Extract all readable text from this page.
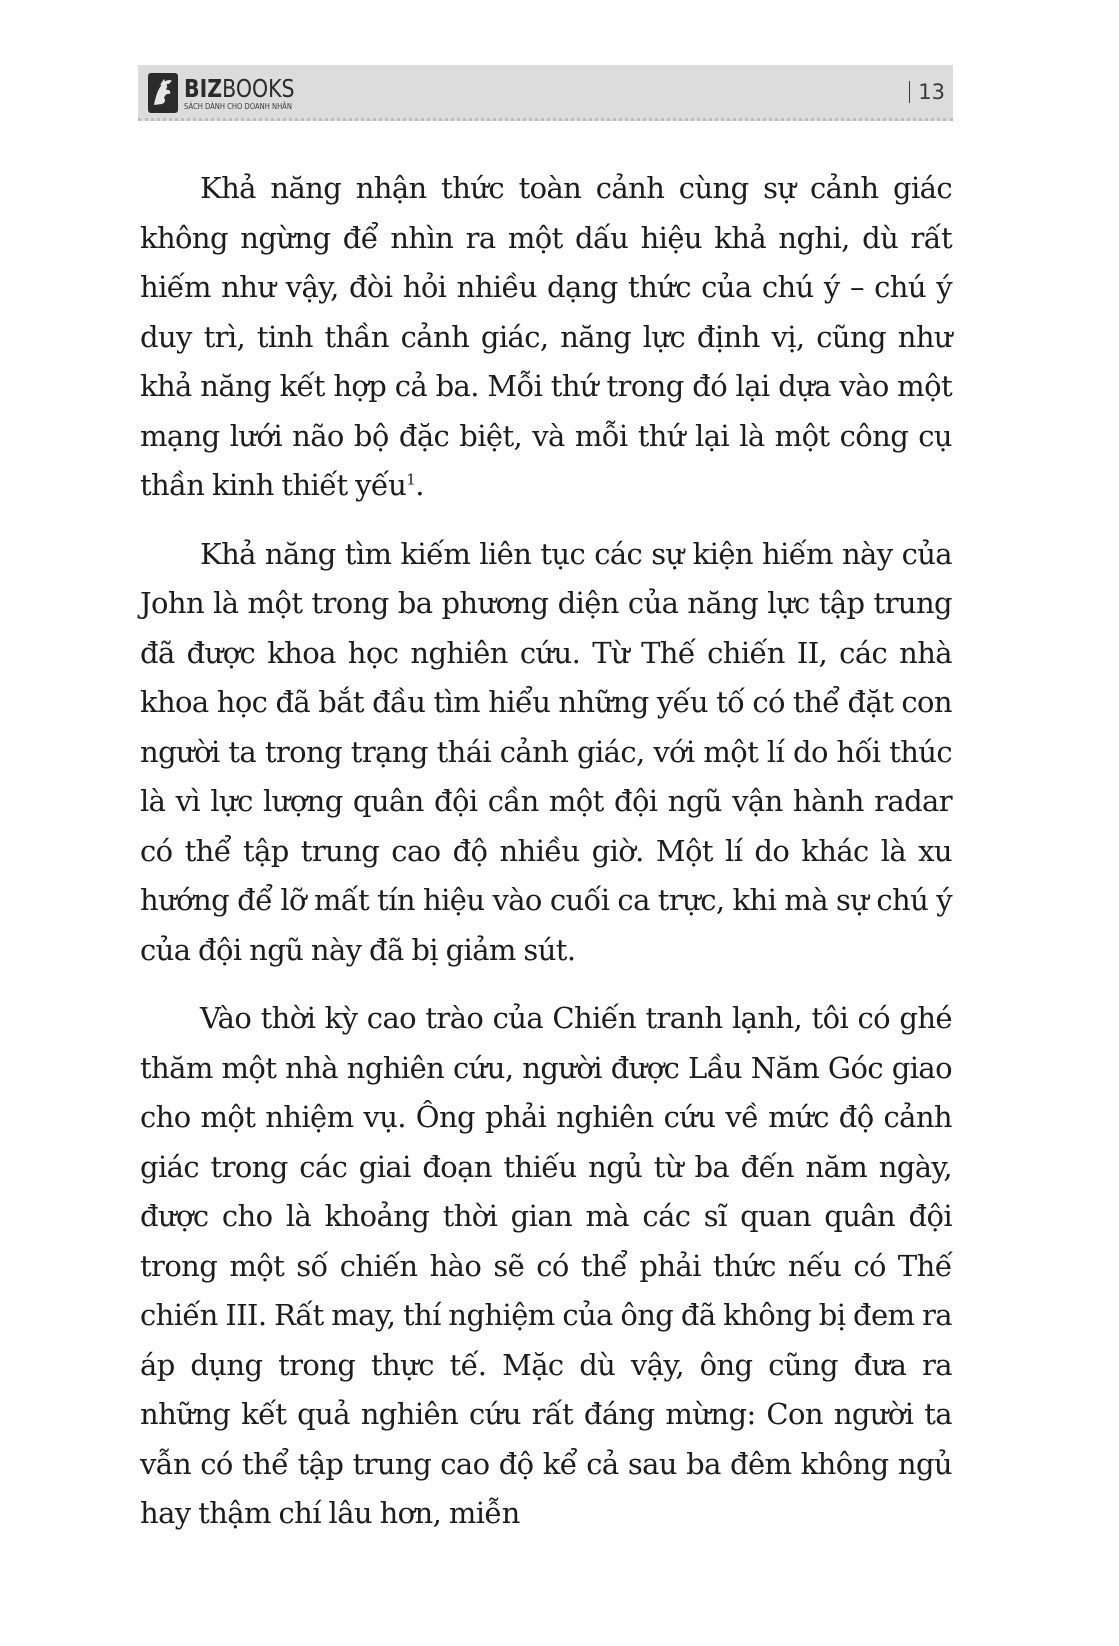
BIZBOOKS
SÁCH DÀNH CHO DOANH NHÂN
13

Khả năng nhận thức toàn cảnh cùng sự cảnh giác không ngừng để nhìn ra một dấu hiệu khả nghi, dù rất hiếm như vậy, đòi hỏi nhiều dạng thức của chú ý – chú ý duy trì, tinh thần cảnh giác, năng lực định vị, cũng như khả năng kết hợp cả ba. Mỗi thứ trong đó lại dựa vào một mạng lưới não bộ đặc biệt, và mỗi thứ lại là một công cụ thần kinh thiết yếu$^1$.

Khả năng tìm kiếm liên tục các sự kiện hiếm này của John là một trong ba phương diện của năng lực tập trung đã được khoa học nghiên cứu. Từ Thế chiến II, các nhà khoa học đã bắt đầu tìm hiểu những yếu tố có thể đặt con người ta trong trạng thái cảnh giác, với một lí do hối thúc là vì lực lượng quân đội cần một đội ngũ vận hành radar có thể tập trung cao độ nhiều giờ. Một lí do khác là xu hướng để lỡ mất tín hiệu vào cuối ca trực, khi mà sự chú ý của đội ngũ này đã bị giảm sút.

Vào thời kỳ cao trào của Chiến tranh lạnh, tôi có ghé thăm một nhà nghiên cứu, người được Lầu Năm Góc giao cho một nhiệm vụ. Ông phải nghiên cứu về mức độ cảnh giác trong các giai đoạn thiếu ngủ từ ba đến năm ngày, được cho là khoảng thời gian mà các sĩ quan quân đội trong một số chiến hào sẽ có thể phải thức nếu có Thế chiến III. Rất may, thí nghiệm của ông đã không bị đem ra áp dụng trong thực tế. Mặc dù vậy, ông cũng đưa ra những kết quả nghiên cứu rất đáng mừng: Con người ta vẫn có thể tập trung cao độ kể cả sau ba đêm không ngủ hay thậm chí lâu hơn, miễn
